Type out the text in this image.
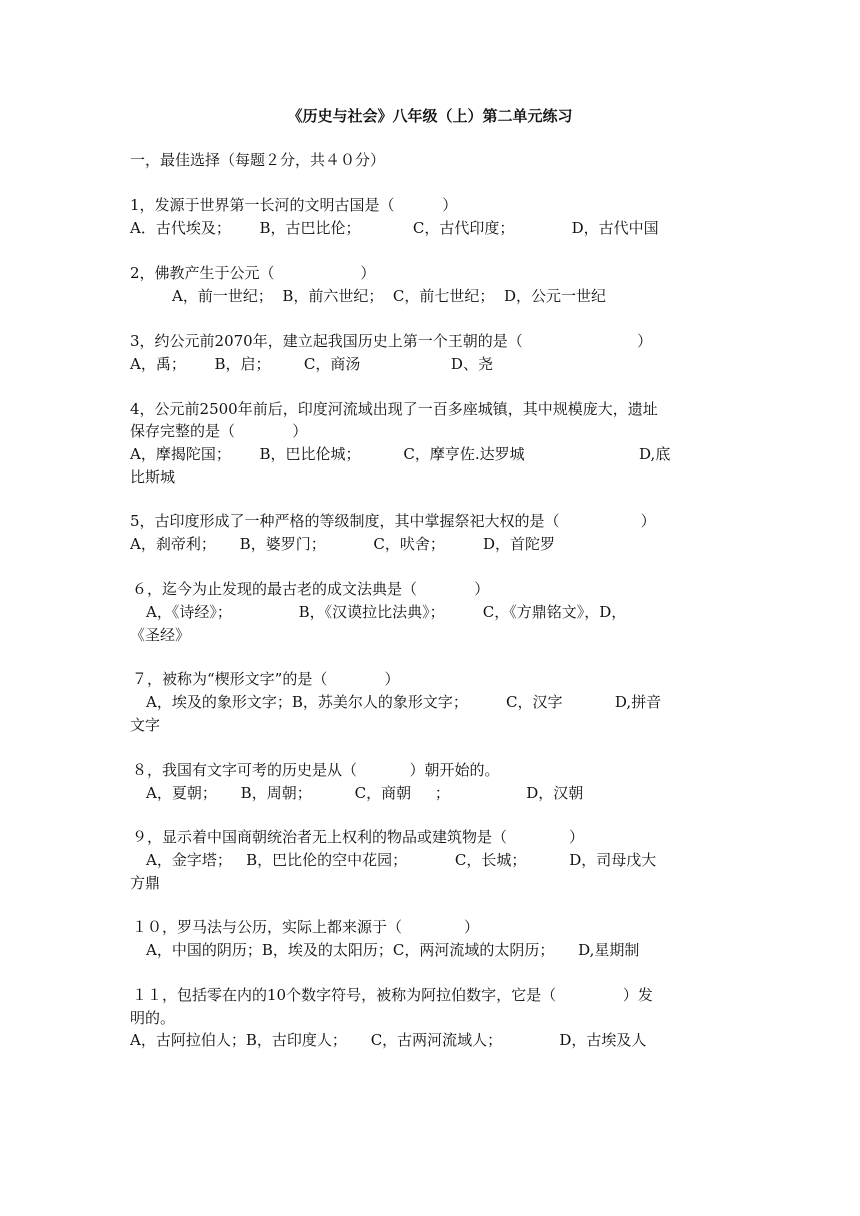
《历史与社会》八年级（上）第二单元练习
一，最佳选择（每题２分，共４０分）
1，发源于世界第一长河的文明古国是（          ）
A．古代埃及；      B，古巴比伦；           C，古代印度；            D，古代中国
2，佛教产生于公元（                  ）
A，前一世纪；  B，前六世纪；  C，前七世纪；  D，公元一世纪
3，约公元前2070年，建立起我国历史上第一个王朝的是（                        ）
A，禹；      B，启；       C，商汤                   D、尧
4，公元前2500年前后，印度河流域出现了一百多座城镇，其中规模庞大，遗址
保存完整的是（            ）
A，摩揭陀国；      B，巴比伦城；         C，摩亨佐.达罗城                        D,底
比斯城
5，古印度形成了一种严格的等级制度，其中掌握祭祀大权的是（                 ）
A，刹帝利；     B，婆罗门；          C，吠舍；        D，首陀罗
６，迄今为止发现的最古老的成文法典是（            ）
A，《诗经》；              B，《汉谟拉比法典》；        C，《方鼎铭文》，D，
《圣经》
７，被称为“楔形文字”的是（            ）
A，埃及的象形文字；B，苏美尔人的象形文字；        C，汉字           D,拼音
文字
８，我国有文字可考的历史是从（           ）朝开始的。
A，夏朝；     B，周朝；         C，商朝     ；                D，汉朝
９，显示着中国商朝统治者无上权利的物品或建筑物是（             ）
A，金字塔；   B，巴比伦的空中花园；          C，长城；         D，司母戊大
方鼎
１０，罗马法与公历，实际上都来源于（             ）
A，中国的阴历；B，埃及的太阳历；C，两河流域的太阴历；     D,星期制
１１，包括零在内的10个数字符号，被称为阿拉伯数字，它是（              ）发
明的。
A，古阿拉伯人；B，古印度人；     C，古两河流域人；            D，古埃及人
